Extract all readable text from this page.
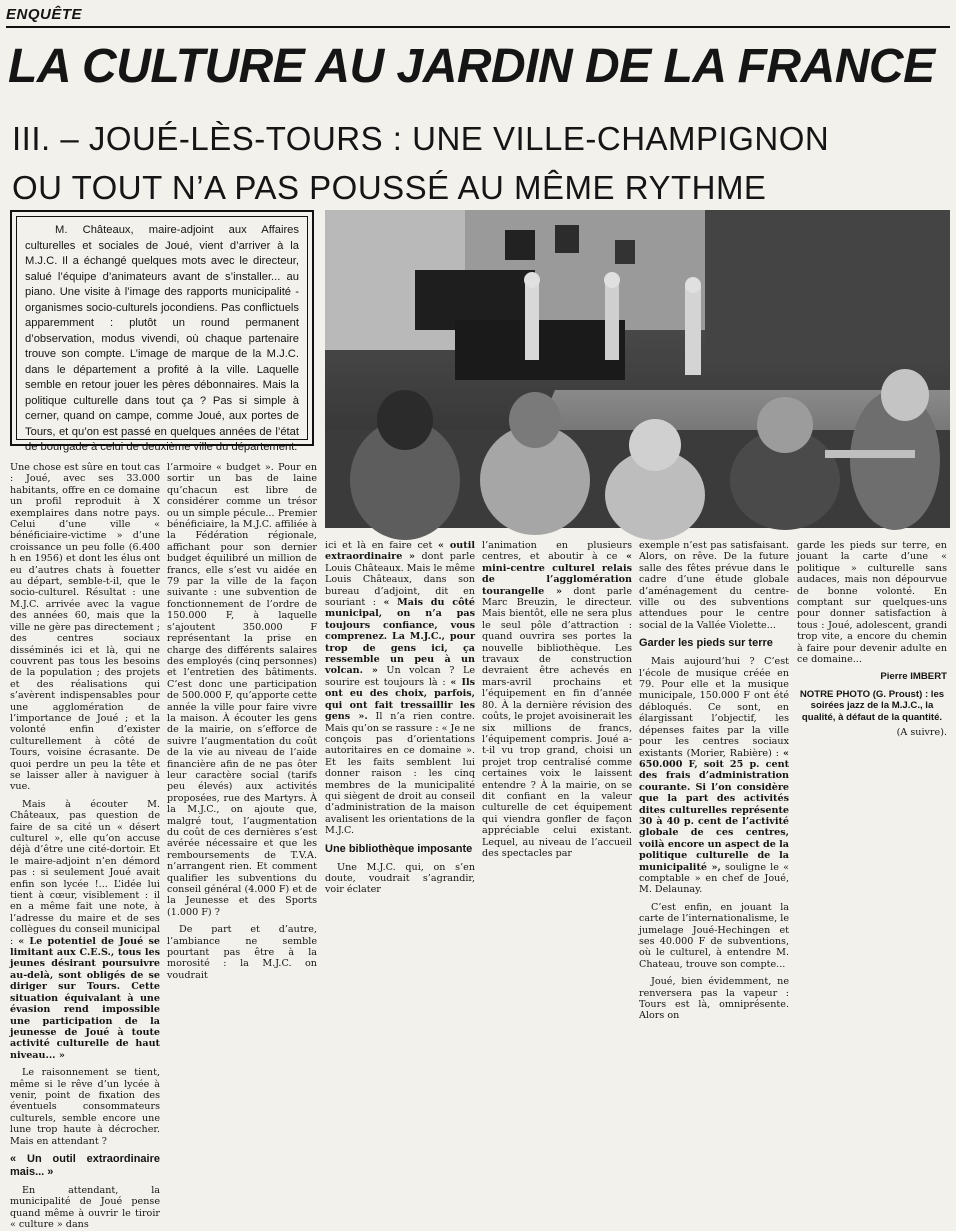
ENQUÊTE
LA CULTURE AU JARDIN DE LA FRANCE
III. – JOUÉ-LÈS-TOURS : UNE VILLE-CHAMPIGNON
OU TOUT N’A PAS POUSSÉ AU MÊME RYTHME
M. Châteaux, maire-adjoint aux Affaires culturelles et sociales de Joué, vient d’arriver à la M.J.C. Il a échangé quelques mots avec le directeur, salué l’équipe d’animateurs avant de s’installer... au piano. Une visite à l’image des rapports municipalité - organismes socio-culturels jocondiens. Pas conflictuels apparemment : plutôt un round permanent d’observation, modus vivendi, où chaque partenaire trouve son compte. L’image de marque de la M.J.C. dans le département a profité à la ville. Laquelle semble en retour jouer les pères débonnaires. Mais la politique culturelle dans tout ça ? Pas si simple à cerner, quand on campe, comme Joué, aux portes de Tours, et qu’on est passé en quelques années de l’état de bourgade à celui de deuxième ville du département.

Une chose est sûre en tout cas : Joué, avec ses 33.000 habitants, offre en ce domaine un profil reproduit à X exemplaires dans notre pays. Celui d’une ville « bénéficiaire-victime » d’une croissance un peu folle (6.400 h en 1956) et dont les élus ont eu d’autres chats à fouetter au départ, semble-t-il, que le socio-culturel. Résultat : une M.J.C. arrivée avec la vague des années 60, mais que la ville ne gère pas directement ; des centres sociaux disséminés ici et là, qui ne couvrent pas tous les besoins de la population ; des projets et des réalisations qui s’avèrent indispensables pour une agglomération de l’importance de Joué ; et la volonté enfin d’exister culturellement à côté de Tours, voisine écrasante. De quoi perdre un peu la tête et se laisser aller à naviguer à vue.

Mais à écouter M. Châteaux, pas question de faire de sa cité un « désert culturel », elle qu’on accuse déjà d’être une cité-dortoir. Et le maire-adjoint n’en démord pas : si seulement Joué avait enfin son lycée !... L’idée lui tient à cœur, visiblement : il en a même fait une note, à l’adresse du maire et de ses collègues du conseil municipal : « Le potentiel de Joué se limitant aux C.E.S., tous les jeunes désirant poursuivre au-delà, sont obligés de se diriger sur Tours. Cette situation équivalant à une évasion rend impossible une participation de la jeunesse de Joué à toute activité culturelle de haut niveau... »

Le raisonnement se tient, même si le rêve d’un lycée à venir, point de fixation des éventuels consommateurs culturels, semble encore une lune trop haute à décrocher. Mais en attendant ?

« Un outil extraordinaire mais... »

En attendant, la municipalité de Joué pense quand même à ouvrir le tiroir « culture » dans

l’armoire « budget ». Pour en sortir un bas de laine qu’chacun est libre de considérer comme un trésor ou un simple pécule... Premier bénéficiaire, la M.J.C. affiliée à la Fédération régionale, affichant pour son dernier budget équilibré un million de francs, elle s’est vu aidée en 79 par la ville de la façon suivante : une subvention de fonctionnement de l’ordre de 150.000 F, à laquelle s’ajoutent 350.000 F représentant la prise en charge des différents salaires des employés (cinq personnes) et l’entretien des bâtiments. C’est donc une participation de 500.000 F, qu’apporte cette année la ville pour faire vivre la maison. À écouter les gens de la mairie, on s’efforce de suivre l’augmentation du coût de la vie au niveau de l’aide financière afin de ne pas ôter leur caractère social (tarifs peu élevés) aux activités proposées, rue des Martyrs. À la M.J.C., on ajoute que, malgré tout, l’augmentation du coût de ces dernières s’est avérée nécessaire et que les remboursements de T.V.A. n’arrangent rien. Et comment qualifier les subventions du conseil général (4.000 F) et de la Jeunesse et des Sports (1.000 F) ?

De part et d’autre, l’ambiance ne semble pourtant pas être à la morosité : la M.J.C. on voudrait

ici et là en faire cet « outil extraordinaire » dont parle Louis Châteaux. Mais le même Louis Châteaux, dans son bureau d’adjoint, dit en souriant : « Mais du côté municipal, on n’a pas toujours confiance, vous comprenez. La M.J.C., pour trop de gens ici, ça ressemble un peu à un volcan. » Un volcan ? Le sourire est toujours là : « Ils ont eu des choix, parfois, qui ont fait tressaillir les gens ». Il n’a rien contre. Mais qu’on se rassure : « Je ne conçois pas d’orientations autoritaires en ce domaine ». Et les faits semblent lui donner raison : les cinq membres de la municipalité qui siègent de droit au conseil d’administration de la maison avalisent les orientations de la M.J.C.

Une bibliothèque imposante

Une M.J.C. qui, on s’en doute, voudrait s’agrandir, voir éclater

l’animation en plusieurs centres, et aboutir à ce « mini-centre culturel relais de l’agglomération tourangelle » dont parle Marc Breuzin, le directeur. Mais bientôt, elle ne sera plus le seul pôle d’attraction : quand ouvrira ses portes la nouvelle bibliothèque. Les travaux de construction devraient être achevés en mars-avril prochains et l’équipement en fin d’année 80. À la dernière révision des coûts, le projet avoisinerait les six millions de francs, l’équipement compris. Joué a-t-il vu trop grand, choisi un projet trop centralisé comme certaines voix le laissent entendre ? À la mairie, on se dit confiant en la valeur culturelle de cet équipement qui viendra gonfler de façon appréciable celui existant. Lequel, au niveau de l’accueil des spectacles par

exemple n’est pas satisfaisant. Alors, on rêve. De la future salle des fêtes prévue dans le cadre d’une étude globale d’aménagement du centre-ville ou des subventions attendues pour le centre social de la Vallée Violette...

Garder les pieds sur terre

Mais aujourd’hui ? C’est l’école de musique créée en 79. Pour elle et la musique municipale, 150.000 F ont été débloqués. Ce sont, en élargissant l’objectif, les dépenses faites par la ville pour les centres sociaux existants (Morier, Rabière) : « 650.000 F, soit 25 p. cent des frais d’administration courante. Si l’on considère que la part des activités dites culturelles représente 30 à 40 p. cent de l’activité globale de ces centres, voilà encore un aspect de la politique culturelle de la municipalité », souligne le « comptable » en chef de Joué, M. Delaunay.

C’est enfin, en jouant la carte de l’internationalisme, le jumelage Joué-Hechingen et ses 40.000 F de subventions, où le culturel, à entendre M. Chateau, trouve son compte...

Joué, bien évidemment, ne renversera pas la vapeur : Tours est là, omniprésente. Alors on

garde les pieds sur terre, en jouant la carte d’une « politique » culturelle sans audaces, mais non dépourvue de bonne volonté. En comptant sur quelques-uns pour donner satisfaction à tous : Joué, adolescent, grandi trop vite, a encore du chemin à faire pour devenir adulte en ce domaine...

Pierre IMBERT
NOTRE PHOTO (G. Proust) : les soirées jazz de la M.J.C., la qualité, à défaut de la quantité.
(A suivre).
